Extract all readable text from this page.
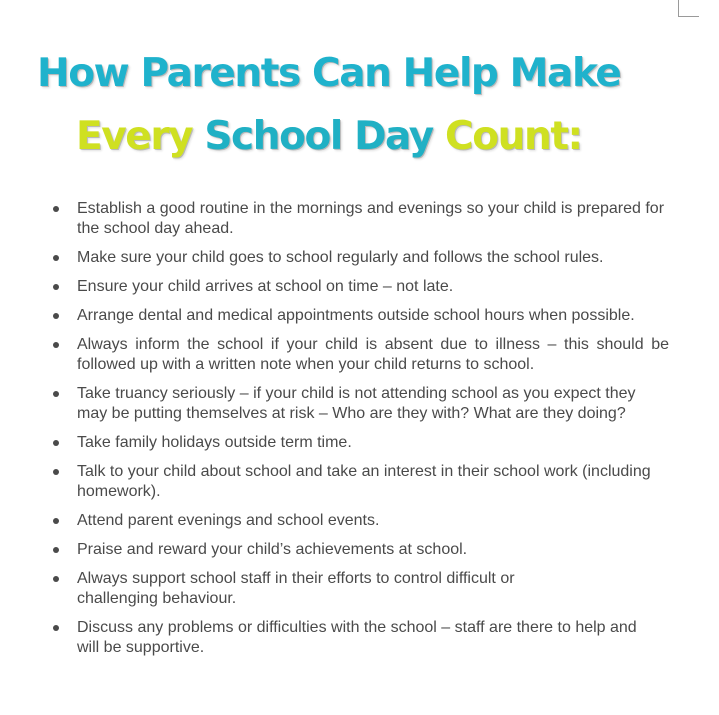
How Parents Can Help Make
Every School Day Count:
Establish a good routine in the mornings and evenings so your child is prepared for the school day ahead.
Make sure your child goes to school regularly and follows the school rules.
Ensure your child arrives at school on time – not late.
Arrange dental and medical appointments outside school hours when possible.
Always inform the school if your child is absent due to illness – this should be followed up with a written note when your child returns to school.
Take truancy seriously – if your child is not attending school as you expect they may be putting themselves at risk – Who are they with? What are they doing?
Take family holidays outside term time.
Talk to your child about school and take an interest in their school work (including homework).
Attend parent evenings and school events.
Praise and reward your child’s achievements at school.
Always support school staff in their efforts to control difficult or challenging behaviour.
Discuss any problems or difficulties with the school – staff are there to help and will be supportive.
